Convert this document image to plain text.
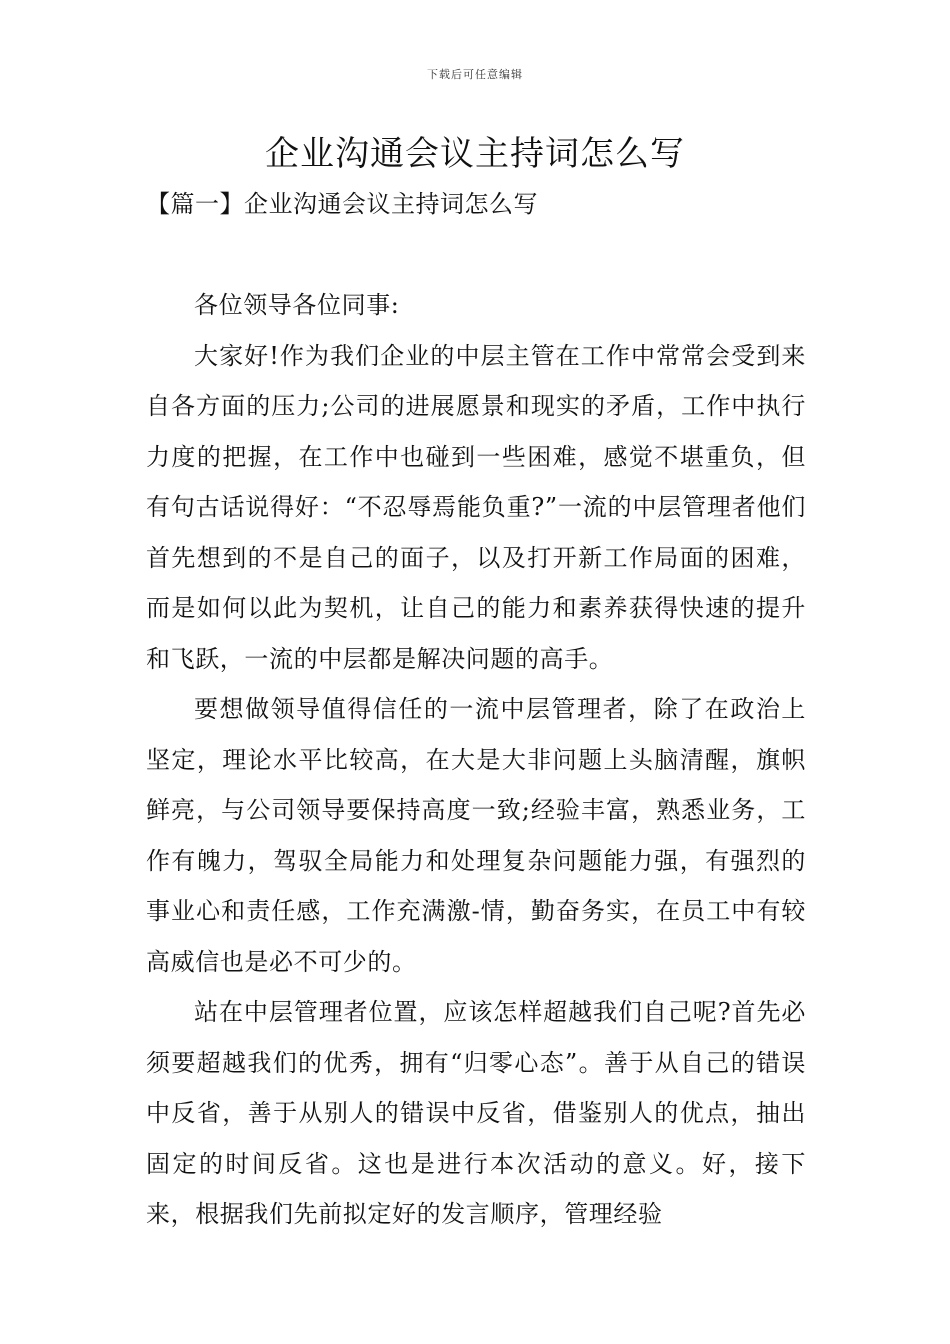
下载后可任意编辑
企业沟通会议主持词怎么写
【篇一】企业沟通会议主持词怎么写

各位领导各位同事:

大家好!作为我们企业的中层主管在工作中常常会受到来自各方面的压力;公司的进展愿景和现实的矛盾，工作中执行力度的把握，在工作中也碰到一些困难，感觉不堪重负，但有句古话说得好：“不忍辱焉能负重?”一流的中层管理者他们首先想到的不是自己的面子，以及打开新工作局面的困难，而是如何以此为契机，让自己的能力和素养获得快速的提升和飞跃，一流的中层都是解决问题的高手。

要想做领导值得信任的一流中层管理者，除了在政治上坚定，理论水平比较高，在大是大非问题上头脑清醒，旗帜鲜亮，与公司领导要保持高度一致;经验丰富，熟悉业务，工作有魄力，驾驭全局能力和处理复杂问题能力强，有强烈的事业心和责任感，工作充满激-情，勤奋务实，在员工中有较高威信也是必不可少的。

站在中层管理者位置，应该怎样超越我们自己呢?首先必须要超越我们的优秀，拥有“归零心态”。善于从自己的错误中反省，善于从别人的错误中反省，借鉴别人的优点，抽出固定的时间反省。这也是进行本次活动的意义。好，接下来，根据我们先前拟定好的发言顺序，管理经验
